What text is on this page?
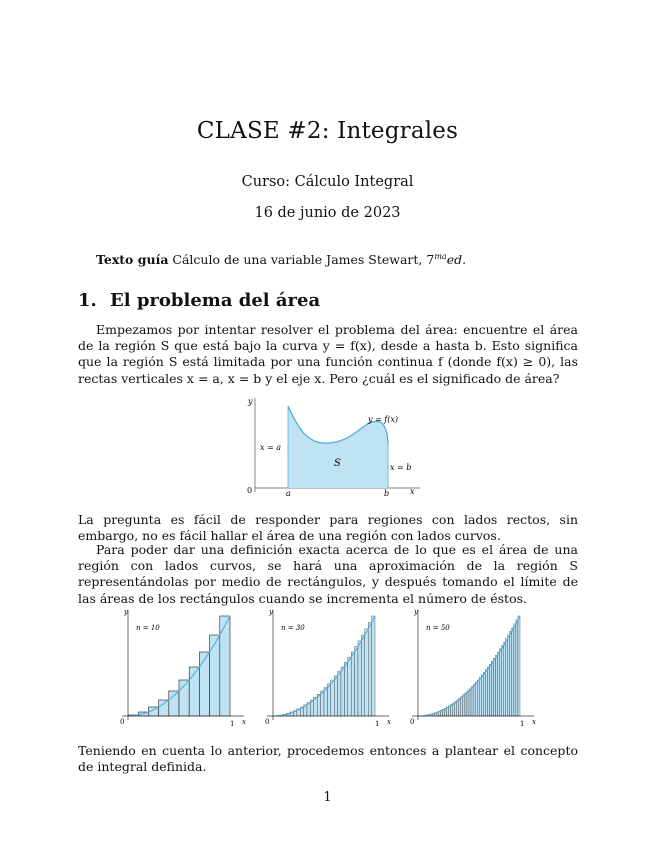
CLASE #2: Integrales
Curso: Cálculo Integral
16 de junio de 2023
Texto guía Cálculo de una variable James Stewart, $7^{ma}ed$.
1. El problema del área
Empezamos por intentar resolver el problema del área: encuentre el área de la región S que está bajo la curva y = f(x), desde a hasta b. Esto significa que la región S está limitada por una función continua f (donde f(x) ≥ 0), las rectas verticales x = a, x = b y el eje x. Pero ¿cuál es el significado de área?
y
0	x
a	b
y = f(x)
x = a
x = b
S
La pregunta es fácil de responder para regiones con lados rectos, sin embargo, no es fácil hallar el área de una región con lados curvos.
Para poder dar una definición exacta acerca de lo que es el área de una región con lados curvos, se hará una aproximación de la región S representándolas por medio de rectángulos, y después tomando el límite de las áreas de los rectángulos cuando se incrementa el número de éstos.
n = 10
0	1 x
y
n = 30
0	1 x
y
n = 50
0	1 x
y
Teniendo en cuenta lo anterior, procedemos entonces a plantear el concepto de integral definida.
1
